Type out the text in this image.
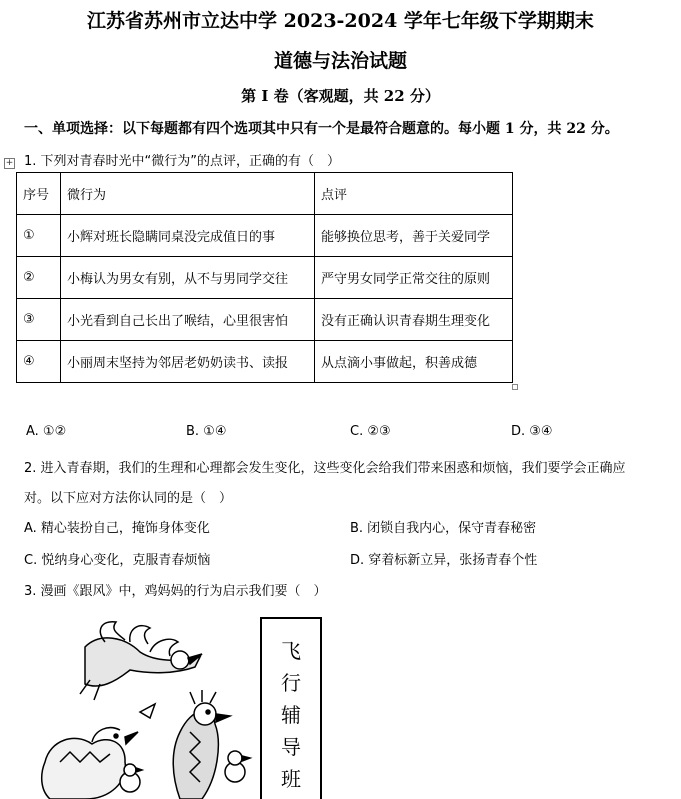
江苏省苏州市立达中学 2023-2024 学年七年级下学期期末
道德与法治试题
第 I 卷（客观题，共 22 分）
一、单项选择：以下每题都有四个选项其中只有一个是最符合题意的。每小题 1 分，共 22 分。
+ 1. 下列对青春时光中“微行为”的点评，正确的有（　）
序号	微行为	点评
①	小辉对班长隐瞒同桌没完成值日的事	能够换位思考，善于关爱同学
②	小梅认为男女有别，从不与男同学交往	严守男女同学正常交往的原则
③	小光看到自己长出了喉结，心里很害怕	没有正确认识青春期生理变化
④	小丽周末坚持为邻居老奶奶读书、读报	从点滴小事做起，积善成德
A. ①②	B. ①④	C. ②③	D. ③④
2. 进入青春期，我们的生理和心理都会发生变化，这些变化会给我们带来困惑和烦恼，我们要学会正确应
对。以下应对方法你认同的是（　）
A. 精心装扮自己，掩饰身体变化	B. 闭锁自我内心，保守青春秘密
C. 悦纳身心变化，克服青春烦恼	D. 穿着标新立异，张扬青春个性
3. 漫画《跟风》中，鸡妈妈的行为启示我们要（　）
飞
行
辅
导
班
